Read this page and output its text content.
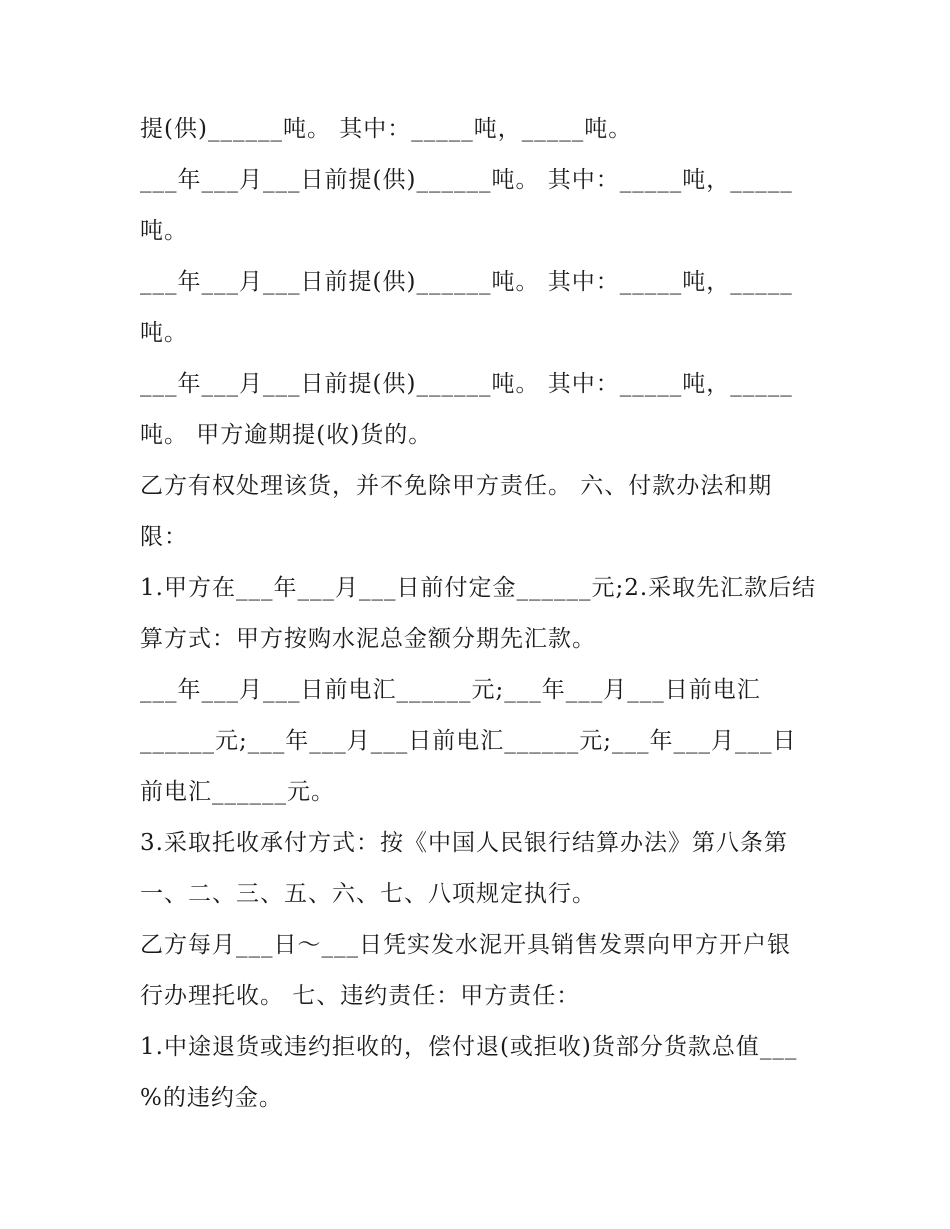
提(供)______吨。 其中：_____吨，_____吨。
___年___月___日前提(供)______吨。 其中：_____吨，_____
吨。
___年___月___日前提(供)______吨。 其中：_____吨，_____
吨。
___年___月___日前提(供)______吨。 其中：_____吨，_____
吨。 甲方逾期提(收)货的。
乙方有权处理该货，并不免除甲方责任。 六、付款办法和期
限：
1.甲方在___年___月___日前付定金______元;2.采取先汇款后结
算方式：甲方按购水泥总金额分期先汇款。
___年___月___日前电汇______元;___年___月___日前电汇
______元;___年___月___日前电汇______元;___年___月___日
前电汇______元。
3.采取托收承付方式：按《中国人民银行结算办法》第八条第
一、二、三、五、六、七、八项规定执行。
乙方每月___日～___日凭实发水泥开具销售发票向甲方开户银
行办理托收。 七、违约责任：甲方责任：
1.中途退货或违约拒收的，偿付退(或拒收)货部分货款总值___
%的违约金。
